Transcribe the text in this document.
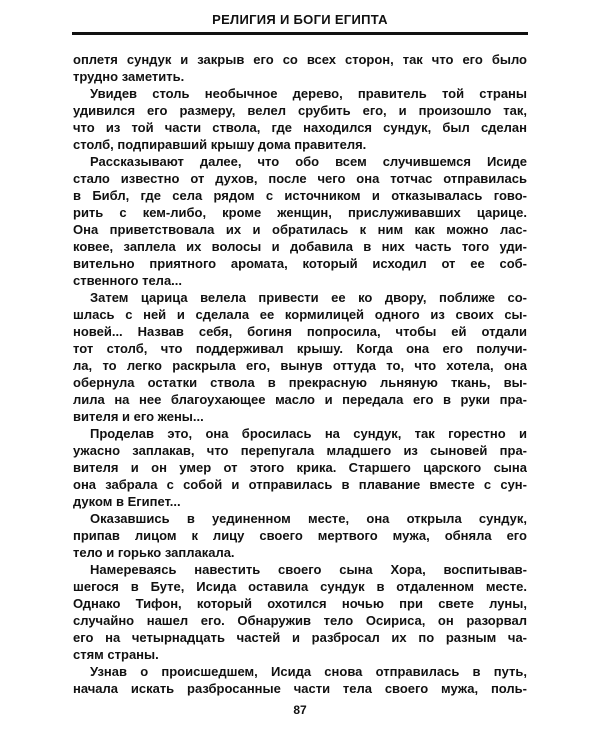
РЕЛИГИЯ И БОГИ ЕГИПТА
оплетя сундук и закрыв его со всех сторон, так что его было
трудно заметить.
Увидев столь необычное дерево, правитель той страны
удивился его размеру, велел срубить его, и произошло так,
что из той части ствола, где находился сундук, был сделан
столб, подпиравший крышу дома правителя.
Рассказывают далее, что обо всем случившемся Исиде
стало известно от духов, после чего она тотчас отправилась
в Библ, где села рядом с источником и отказывалась гово-
рить с кем-либо, кроме женщин, прислуживавших царице.
Она приветствовала их и обратилась к ним как можно лас-
ковее, заплела их волосы и добавила в них часть того уди-
вительно приятного аромата, который исходил от ее соб-
ственного тела...
Затем царица велела привести ее ко двору, поближе со-
шлась с ней и сделала ее кормилицей одного из своих сы-
новей... Назвав себя, богиня попросила, чтобы ей отдали
тот столб, что поддерживал крышу. Когда она его получи-
ла, то легко раскрыла его, вынув оттуда то, что хотела, она
обернула остатки ствола в прекрасную льняную ткань, вы-
лила на нее благоухающее масло и передала его в руки пра-
вителя и его жены...
Проделав это, она бросилась на сундук, так горестно и
ужасно заплакав, что перепугала младшего из сыновей пра-
вителя и он умер от этого крика. Старшего царского сына
она забрала с собой и отправилась в плавание вместе с сун-
дуком в Египет...
Оказавшись в уединенном месте, она открыла сундук,
припав лицом к лицу своего мертвого мужа, обняла его
тело и горько заплакала.
Намереваясь навестить своего сына Хора, воспитывав-
шегося в Буте, Исида оставила сундук в отдаленном месте.
Однако Тифон, который охотился ночью при свете луны,
случайно нашел его. Обнаружив тело Осириса, он разорвал
его на четырнадцать частей и разбросал их по разным ча-
стям страны.
Узнав о происшедшем, Исида снова отправилась в путь,
начала искать разбросанные части тела своего мужа, поль-
87
